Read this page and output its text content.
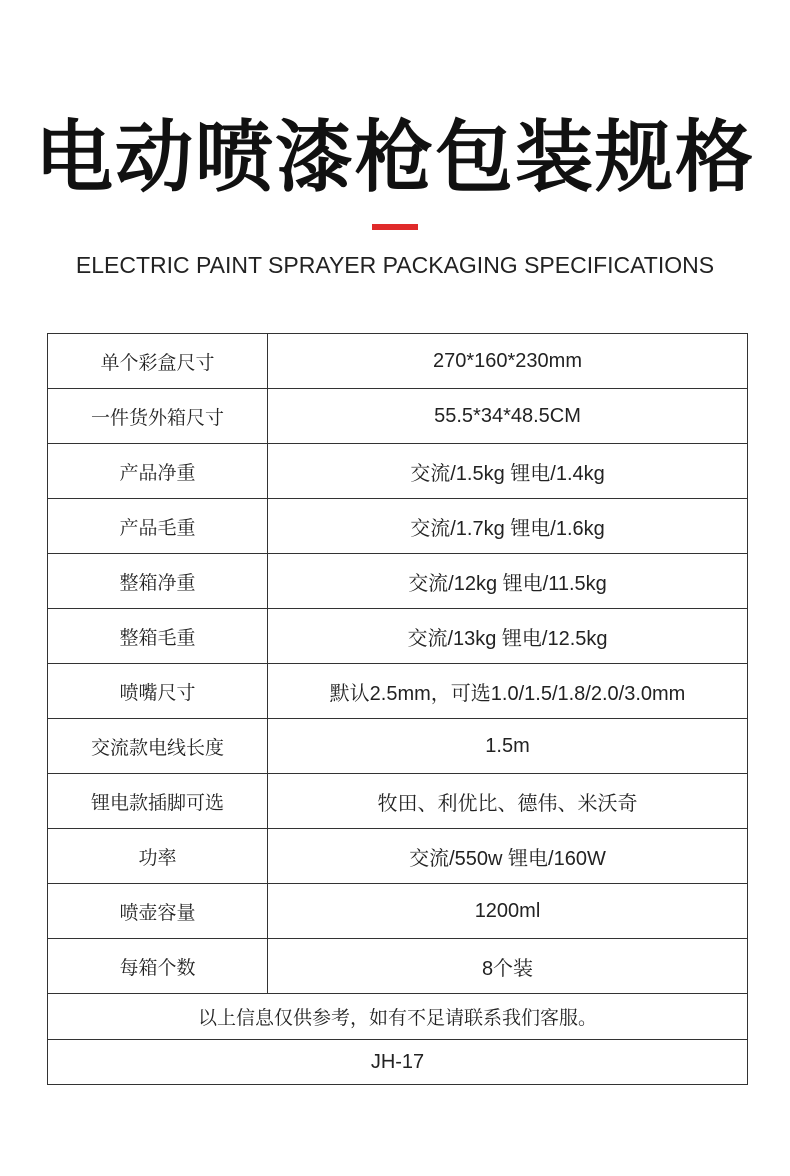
电动喷漆枪包装规格
ELECTRIC PAINT SPRAYER PACKAGING SPECIFICATIONS
单个彩盒尺寸	270*160*230mm
一件货外箱尺寸	55.5*34*48.5CM
产品净重	交流/1.5kg 锂电/1.4kg
产品毛重	交流/1.7kg 锂电/1.6kg
整箱净重	交流/12kg 锂电/11.5kg
整箱毛重	交流/13kg 锂电/12.5kg
喷嘴尺寸	默认2.5mm，可选1.0/1.5/1.8/2.0/3.0mm
交流款电线长度	1.5m
锂电款插脚可选	牧田、利优比、德伟、米沃奇
功率	交流/550w 锂电/160W
喷壶容量	1200ml
每箱个数	8个装
以上信息仅供参考，如有不足请联系我们客服。	
JH-17	
